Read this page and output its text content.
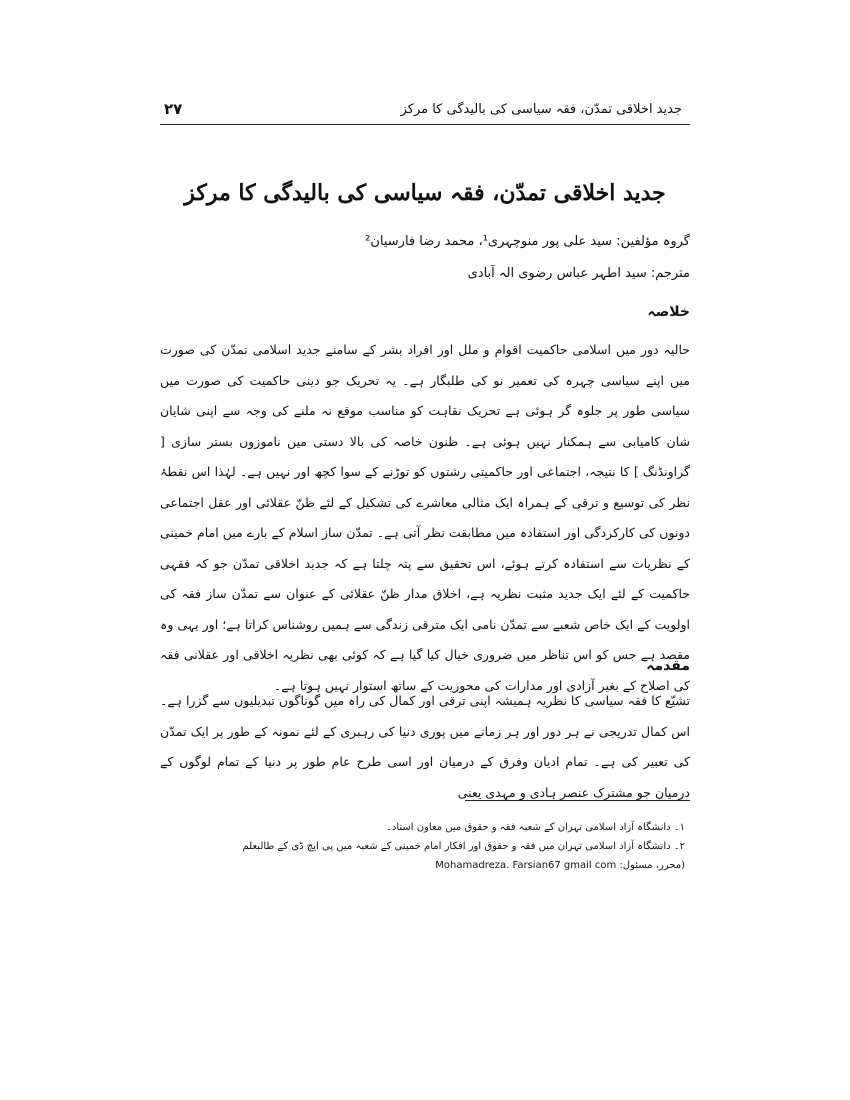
جدید اخلاقی تمدّن، فقہ سیاسی کی بالیدگی کا مرکز
۲۷
جدید اخلاقی تمدّن، فقہ سیاسی کی بالیدگی کا مرکز
گروہ مؤلفین: سید علی پور منوچہری¹، محمد رضا فارسیان²
مترجم: سید اطہر عباس رضوی الہ آبادی
خلاصہ

حالیہ دور میں اسلامی حاکمیت اقوام و ملل اور افراد بشر کے سامنے جدید اسلامی تمدّن کی صورت میں اپنے سیاسی چہرہ کی تعمیر نو کی طلبگار ہے۔ یہ تحریک جو دینی حاکمیت کی صورت میں سیاسی طور پر جلوہ گر ہوئی ہے تحریک نقاہت کو مناسب موقع نہ ملنے کی وجہ سے اپنی شایان شان کامیابی سے ہمکنار نہیں ہوئی ہے۔ ظنون خاصہ کی بالا دستی میں ناموزوں بستر سازی [ گراونڈنگ ] کا نتیجہ، اجتماعی اور حاکمیتی رشتوں کو توڑنے کے سوا کچھ اور نہیں ہے۔ لہٰذا اس نقطۂ نظر کی توسیع و ترقی کے ہمراہ ایک مثالی معاشرے کی تشکیل کے لئے ظنّ عقلائی اور عقل اجتماعی دونوں کی کارکردگی اور استفادہ میں مطابقت نظر آتی ہے۔ تمدّن ساز اسلام کے بارے میں امام خمینی کے نظریات سے استفادہ کرتے ہوئے، اس تحقیق سے پتہ چلتا ہے کہ جدید اخلاقی تمدّن جو کہ فقہی حاکمیت کے لئے ایک جدید مثبت نظریہ ہے، اخلاق مدار ظنّ عقلائی کے عنوان سے تمدّن ساز فقہ کی اولویت کے ایک خاص شعبے سے تمدّن نامی ایک مترقی زندگی سے ہمیں روشناس کراتا ہے؛ اور یہی وہ مقصد ہے جس کو اس تناظر میں ضروری خیال کیا گیا ہے کہ کوئی بھی نظریہ اخلاقی اور عقلانی فقہ کی اصلاح کے بغیر آزادی اور مدارات کی محوریت کے ساتھ استوار نہیں ہوتا ہے۔

مقدمہ

تشیّع کا فقہ سیاسی کا نظریہ ہمیشہ اپنی ترقی اور کمال کی راہ میں گوناگوں تبدیلیوں سے گزرا ہے۔ اس کمال تدریجی نے ہر دور اور ہر زمانے میں پوری دنیا کی رہبری کے لئے نمونہ کے طور پر ایک تمدّن کی تعبیر کی ہے۔ تمام ادیان وفرق کے درمیان اور اسی طرح عام طور پر دنیا کے تمام لوگوں کے درمیان جو مشترک عنصر ہادی و مہدی یعنی

۱۔ دانشگاہ آزاد اسلامی تہران کے شعبہ فقہ و حقوق میں معاون استاد۔
۲۔ دانشگاہ آزاد اسلامی تہران میں فقہ و حقوق اور افکار امام خمینی کے شعبہ میں پی ایچ ڈی کے طالبعلم
(محرر، مسئول: Mohamadreza. Farsian67 gmail com
